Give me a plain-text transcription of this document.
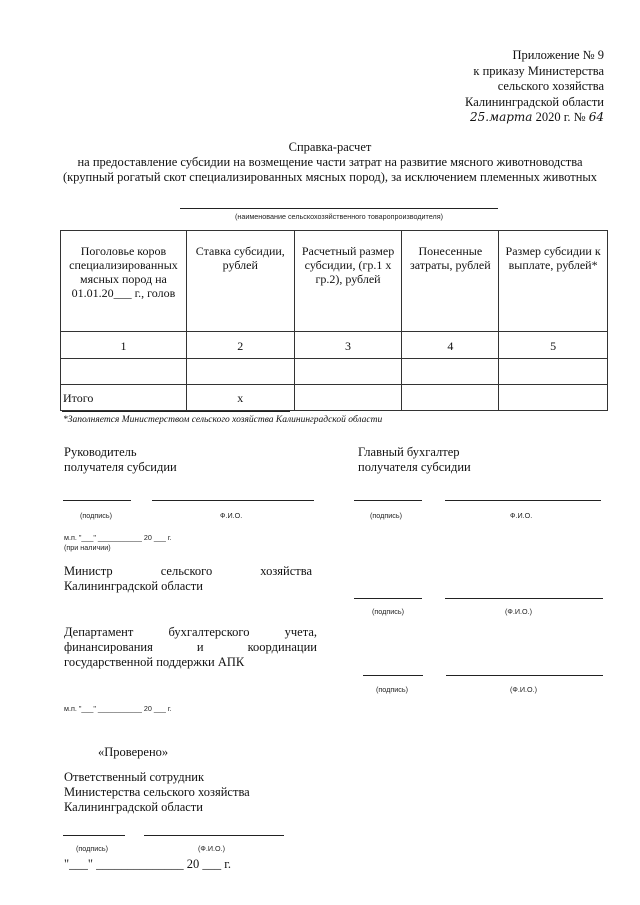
Приложение № 9
к приказу Министерства
сельского хозяйства
Калининградской области
25.марта 2020 г. № 64
Справка-расчет
на предоставление субсидии на возмещение части затрат на развитие мясного животноводства
(крупный рогатый скот специализированных мясных пород), за исключением племенных животных
(наименование сельскохозяйственного товаропроизводителя)
Поголовье коров специализированных мясных пород на 01.01.20___ г., голов	Ставка субсидии, рублей	Расчетный размер субсидии, (гр.1 х гр.2), рублей	Понесенные затраты, рублей	Размер субсидии к выплате, рублей*
1	2	3	4	5

Итого	х			
*Заполняется Министерством сельского хозяйства Калининградской области
Руководитель
получателя субсидии
Главный бухгалтер
получателя субсидии
(подпись)	Ф.И.О.	(подпись)	Ф.И.О.
м.п. "___" ___________ 20 ___ г.
(при наличии)
Министр	сельского	хозяйства
Калининградской области
(подпись)	(Ф.И.О.)
Департамент	бухгалтерского	учета,
финансирования	и	координации
государственной поддержки АПК
(подпись)	(Ф.И.О.)
м.п. "___" ___________ 20 ___ г.
«Проверено»
Ответственный сотрудник
Министерства сельского хозяйства
Калининградской области
(подпись)	(Ф.И.О.)
"___" ______________ 20 ___ г.
